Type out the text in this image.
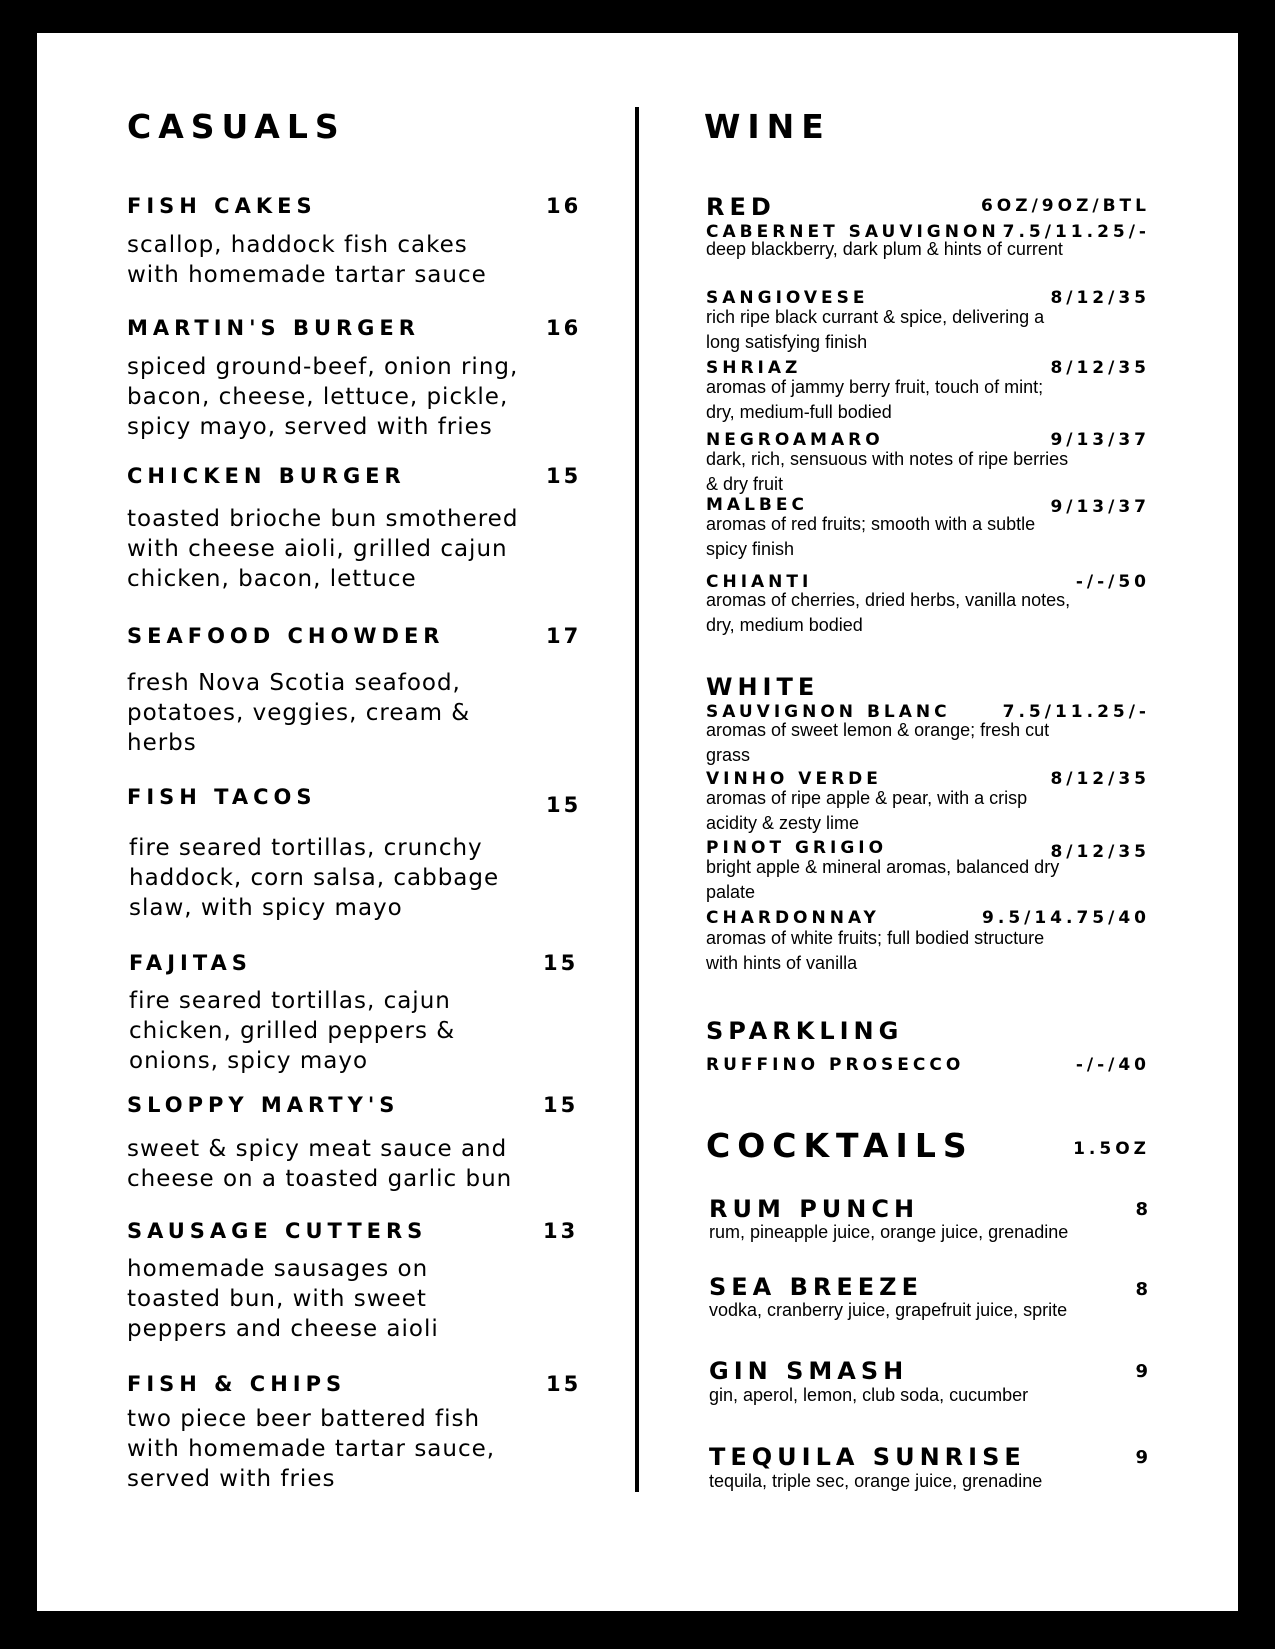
CASUALS
FISH CAKES	16
scallop, haddock fish cakes with homemade tartar sauce
MARTIN'S BURGER	16
spiced ground-beef, onion ring, bacon, cheese, lettuce, pickle, spicy mayo, served with fries
CHICKEN BURGER	15
toasted brioche bun smothered with cheese aioli, grilled cajun chicken, bacon, lettuce
SEAFOOD CHOWDER	17
fresh Nova Scotia seafood, potatoes, veggies, cream & herbs
FISH TACOS	15
fire seared tortillas, crunchy haddock, corn salsa, cabbage slaw, with spicy mayo
FAJITAS	15
fire seared tortillas, cajun chicken, grilled peppers & onions, spicy mayo
SLOPPY MARTY'S	15
sweet & spicy meat sauce and cheese on a toasted garlic bun
SAUSAGE CUTTERS	13
homemade sausages on toasted bun, with sweet peppers and cheese aioli
FISH & CHIPS	15
two piece beer battered fish with homemade tartar sauce, served with fries
WINE
RED	6OZ/9OZ/BTL
CABERNET SAUVIGNON 7.5/11.25/-
deep blackberry, dark plum & hints of current
SANGIOVESE	8/12/35
rich ripe black currant & spice, delivering a long satisfying finish
SHRIAZ	8/12/35
aromas of jammy berry fruit, touch of mint; dry, medium-full bodied
NEGROAMARO	9/13/37
dark, rich, sensuous with notes of ripe berries & dry fruit
MALBEC	9/13/37
aromas of red fruits; smooth with a subtle spicy finish
CHIANTI	-/-/50
aromas of cherries, dried herbs, vanilla notes, dry, medium bodied
WHITE
SAUVIGNON BLANC	7.5/11.25/-
aromas of sweet lemon & orange; fresh cut grass
VINHO VERDE	8/12/35
aromas of ripe apple & pear, with a crisp acidity & zesty lime
PINOT GRIGIO	8/12/35
bright apple & mineral aromas, balanced dry palate
CHARDONNAY	9.5/14.75/40
aromas of white fruits; full bodied structure with hints of vanilla
SPARKLING
RUFFINO PROSECCO	-/-/40
COCKTAILS	1.5OZ
RUM PUNCH	8
rum, pineapple juice, orange juice, grenadine
SEA BREEZE	8
vodka, cranberry juice, grapefruit juice, sprite
GIN SMASH	9
gin, aperol, lemon, club soda, cucumber
TEQUILA SUNRISE	9
tequila, triple sec, orange juice, grenadine
